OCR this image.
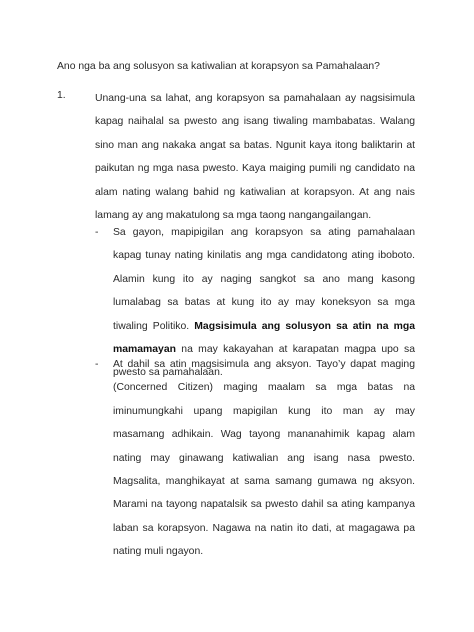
Ano nga ba ang solusyon sa katiwalian at korapsyon sa Pamahalaan?

1.	Unang-una sa lahat, ang korapsyon sa pamahalaan ay nagsisimula kapag naihalal sa pwesto ang isang tiwaling mambabatas. Walang sino man ang nakaka angat sa batas. Ngunit kaya itong baliktarin at paikutan ng mga nasa pwesto. Kaya maiging pumili ng candidato na alam nating walang bahid ng katiwalian at korapsyon. At ang nais lamang ay ang makatulong sa mga taong nangangailangan.

- Sa gayon, mapipigilan ang korapsyon sa ating pamahalaan kapag tunay nating kinilatis ang mga candidatong ating iboboto. Alamin kung ito ay naging sangkot sa ano mang kasong lumalabag sa batas at kung ito ay may koneksyon sa mga tiwaling Politiko. Magsisimula ang solusyon sa atin na mga mamamayan na may kakayahan at karapatan magpa upo sa pwesto sa pamahalaan.
- At dahil sa atin magsisimula ang aksyon. Tayo’y dapat maging (Concerned Citizen) maging maalam sa mga batas na iminumungkahi upang mapigilan kung ito man ay may masamang adhikain. Wag tayong mananahimik kapag alam nating may ginawang katiwalian ang isang nasa pwesto. Magsalita, manghikayat at sama samang gumawa ng aksyon. Marami na tayong napatalsik sa pwesto dahil sa ating kampanya laban sa korapsyon. Nagawa na natin ito dati, at magagawa pa nating muli ngayon.
